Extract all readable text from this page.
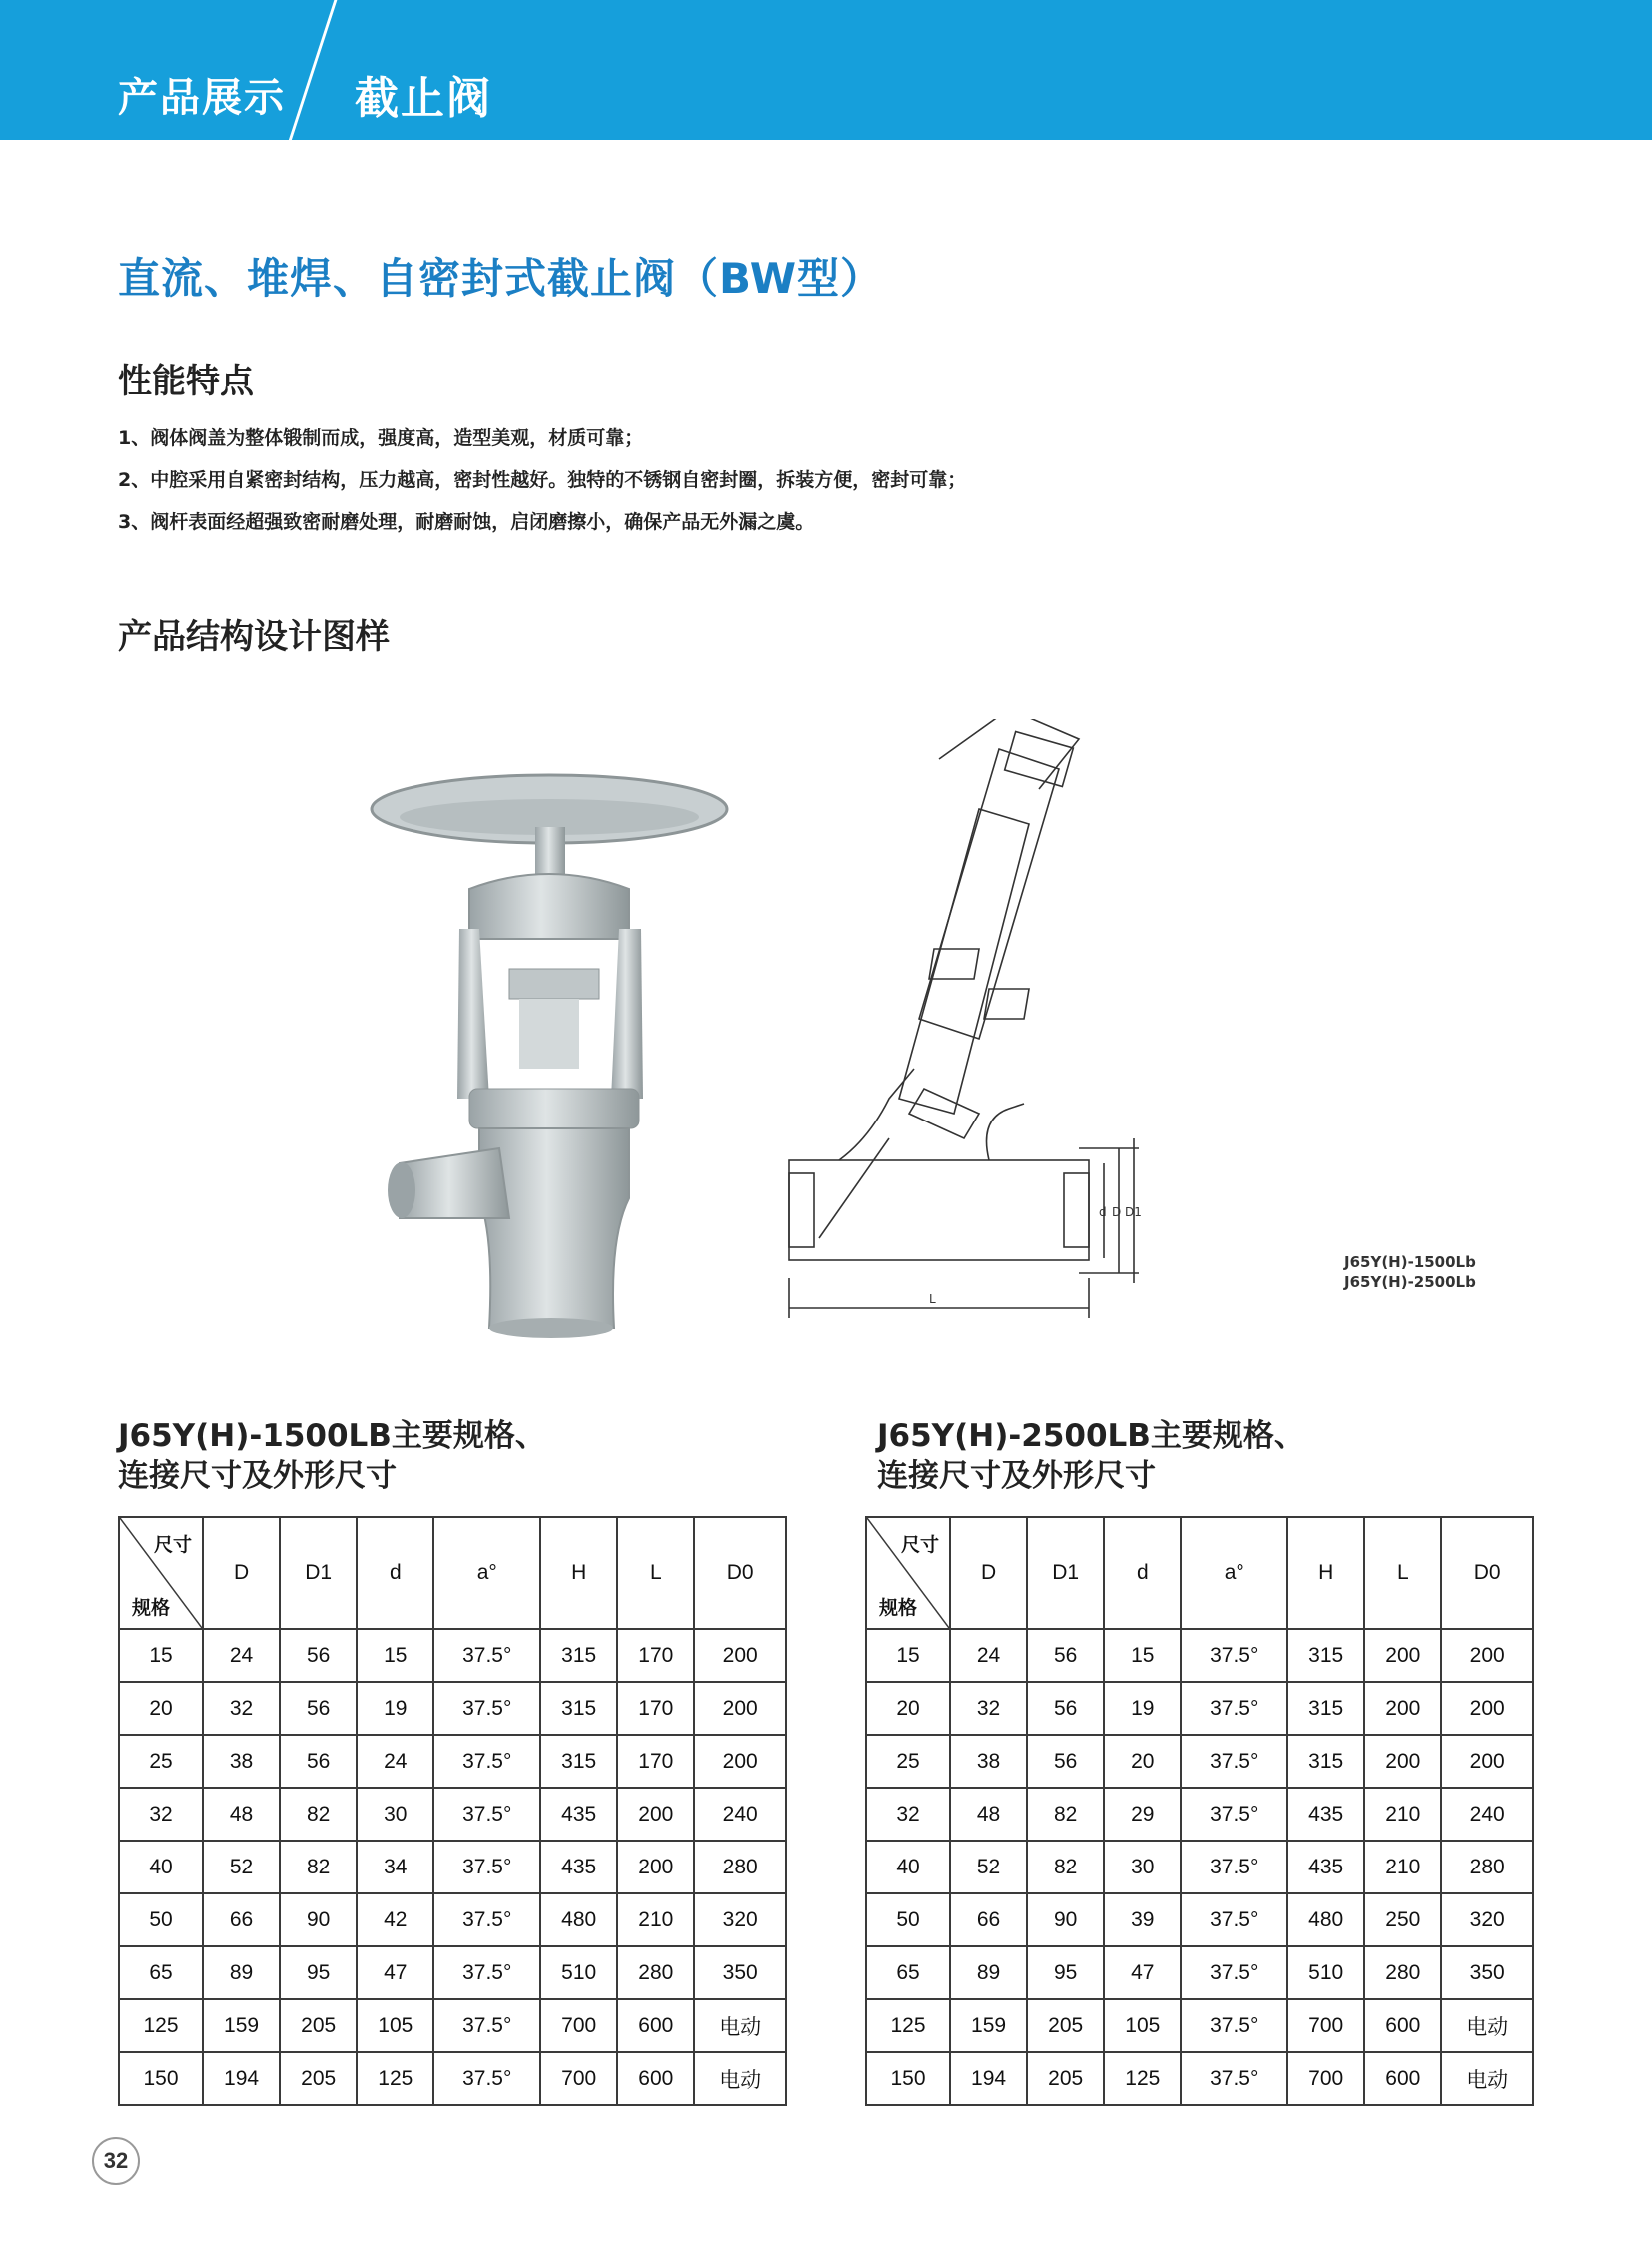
产品展示 截止阀
直流、堆焊、自密封式截止阀（BW型）
性能特点
1、阀体阀盖为整体锻制而成，强度高，造型美观，材质可靠；
2、中腔采用自紧密封结构，压力越高，密封性越好。独特的不锈钢自密封圈，拆装方便，密封可靠；
3、阀杆表面经超强致密耐磨处理，耐磨耐蚀，启闭磨擦小，确保产品无外漏之虞。
产品结构设计图样
L
d D D1
J65Y(H)-1500Lb
J65Y(H)-2500Lb
J65Y(H)-1500LB主要规格、
连接尺寸及外形尺寸
J65Y(H)-2500LB主要规格、
连接尺寸及外形尺寸
尺寸
规格	D	D1	d	a°	H	L	D0
15	24	56	15	37.5°	315	170	200
20	32	56	19	37.5°	315	170	200
25	38	56	24	37.5°	315	170	200
32	48	82	30	37.5°	435	200	240
40	52	82	34	37.5°	435	200	280
50	66	90	42	37.5°	480	210	320
65	89	95	47	37.5°	510	280	350
125	159	205	105	37.5°	700	600	电动
150	194	205	125	37.5°	700	600	电动
尺寸
规格	D	D1	d	a°	H	L	D0
15	24	56	15	37.5°	315	200	200
20	32	56	19	37.5°	315	200	200
25	38	56	20	37.5°	315	200	200
32	48	82	29	37.5°	435	210	240
40	52	82	30	37.5°	435	210	280
50	66	90	39	37.5°	480	250	320
65	89	95	47	37.5°	510	280	350
125	159	205	105	37.5°	700	600	电动
150	194	205	125	37.5°	700	600	电动
32
